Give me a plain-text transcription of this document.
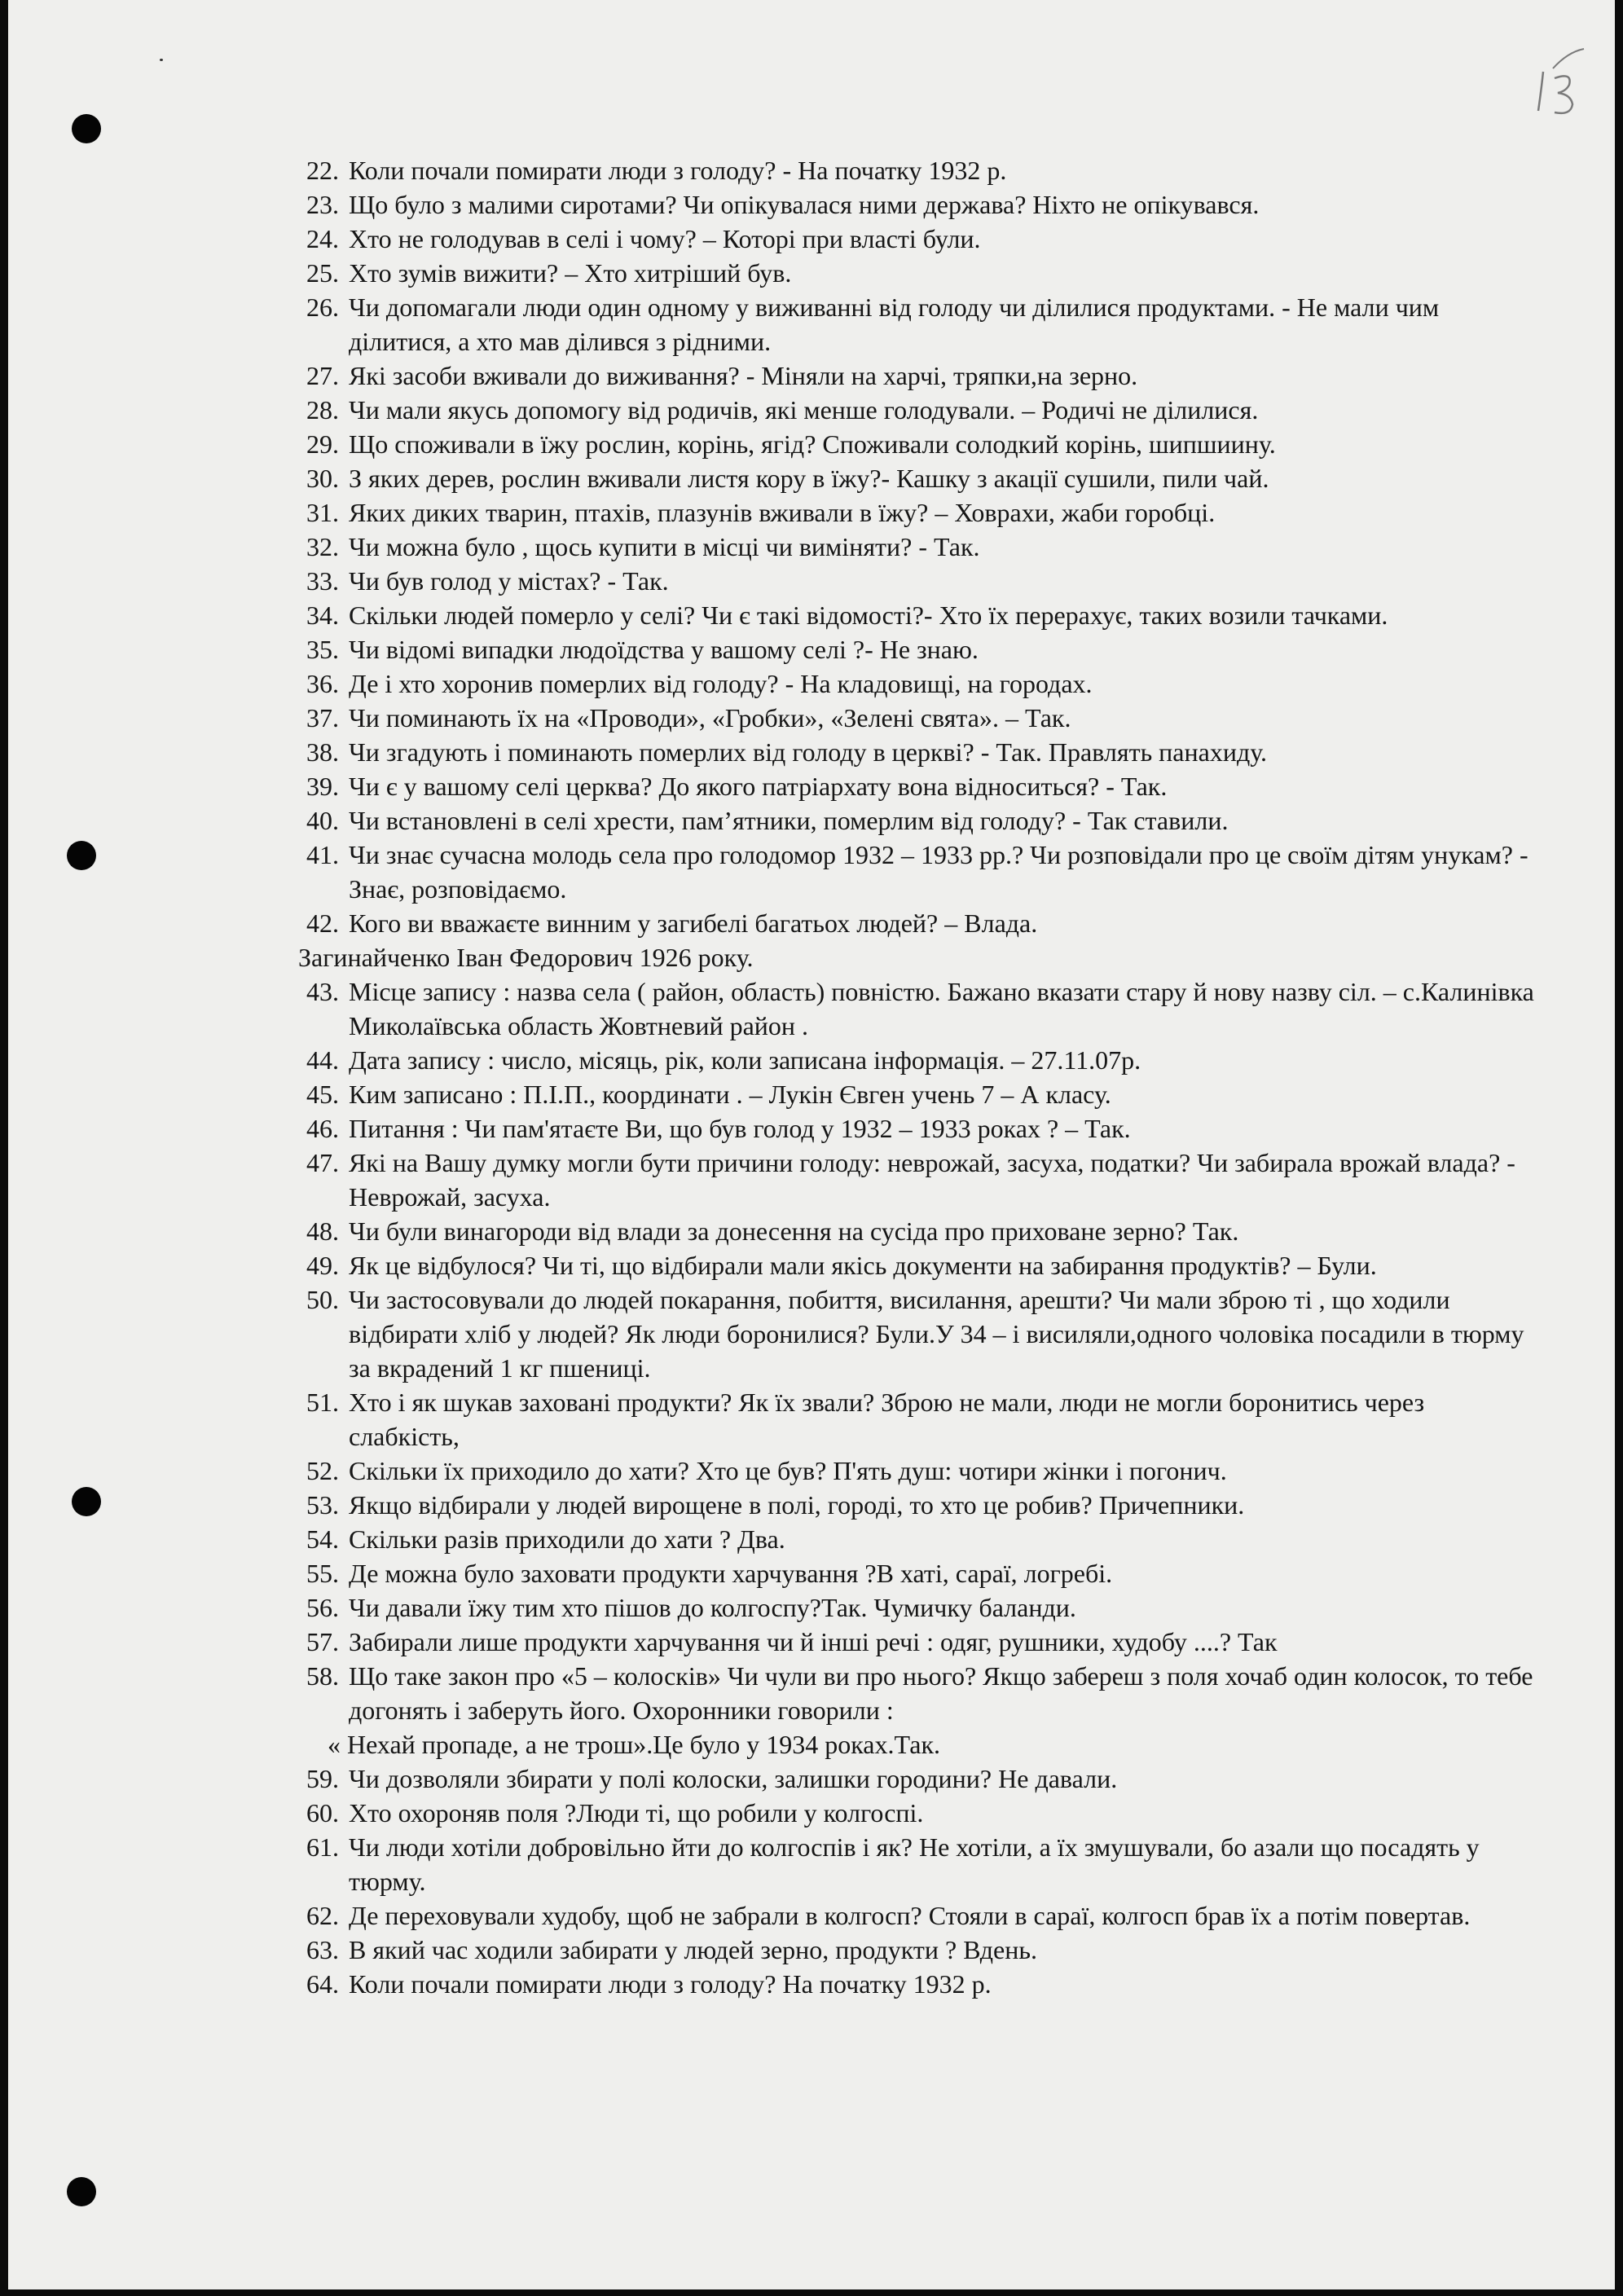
22. Коли почали помирати люди з голоду? - На початку 1932 р.
23. Що було з малими сиротами? Чи опікувалася ними держава? Ніхто не опікувався.
24. Хто не голодував в селі і чому? – Которі при власті були.
25. Хто зумів вижити? – Хто хитріший був.
26. Чи допомагали люди один одному у виживанні від голоду чи ділилися продуктами. - Не мали чим ділитися, а хто мав ділився з рідними.
27. Які засоби вживали до виживання? - Міняли на харчі, тряпки,на зерно.
28. Чи мали якусь допомогу від родичів, які менше голодували. – Родичі не ділилися.
29. Що споживали в їжу рослин, корінь, ягід? Споживали солодкий корінь, шипшиину.
30. З яких дерев, рослин вживали листя кору в їжу?- Кашку з акації сушили, пили чай.
31. Яких диких тварин, птахів, плазунів вживали в їжу? – Ховрахи, жаби горобці.
32. Чи можна було , щось купити в місці чи виміняти? - Так.
33. Чи був голод у містах? - Так.
34. Скільки людей померло у селі? Чи є такі відомості?- Хто їх перерахує, таких возили тачками.
35. Чи відомі випадки людоїдства у вашому селі ?- Не знаю.
36. Де і хто хоронив померлих від голоду? - На кладовищі, на городах.
37. Чи поминають їх на «Проводи», «Гробки», «Зелені свята». – Так.
38. Чи згадують і поминають померлих від голоду в церкві? - Так. Правлять панахиду.
39. Чи є у вашому селі церква? До якого патріархату вона відноситься? - Так.
40. Чи встановлені в селі хрести, пам’ятники, померлим від голоду? - Так ставили.
41. Чи знає сучасна молодь села про голодомор 1932 – 1933 рр.? Чи розповідали про це своїм дітям унукам? - Знає, розповідаємо.
42. Кого ви вважаєте винним у загибелі багатьох людей? – Влада.
Загинайченко Іван Федорович 1926 року.
43. Місце запису : назва села ( район, область) повністю. Бажано вказати стару й нову назву сіл. – с.Калинівка Миколаївська область Жовтневий район .
44. Дата запису : число, місяць, рік, коли записана інформація. – 27.11.07р.
45. Ким записано : П.І.П., координати . – Лукін Євген учень 7 – А класу.
46. Питання : Чи пам'ятаєте Ви, що був голод у 1932 – 1933 роках ? – Так.
47. Які на Вашу думку могли бути причини голоду: неврожай, засуха, податки? Чи забирала врожай влада? - Неврожай, засуха.
48. Чи були винагороди від влади за донесення на сусіда про приховане зерно? Так.
49. Як це відбулося? Чи ті, що відбирали мали якісь документи на забирання продуктів? – Були.
50. Чи застосовували до людей покарання, побиття, висилання, арешти? Чи мали зброю ті , що ходили відбирати хліб у людей? Як люди боронилися? Були.У 34 – і висиляли,одного чоловіка посадили в тюрму за вкрадений 1 кг пшениці.
51. Хто і як шукав заховані продукти? Як їх звали? Зброю не мали, люди не могли боронитись через слабкість,
52. Скільки їх приходило до хати? Хто це був? П'ять душ: чотири жінки і погонич.
53. Якщо відбирали у людей вирощене в полі, городі, то хто це робив? Причепники.
54. Скільки разів приходили до хати ? Два.
55. Де можна було заховати продукти харчування ?В хаті, сараї, логребі.
56. Чи давали їжу тим хто пішов до колгоспу?Так. Чумичку баланди.
57. Забирали лише продукти харчування чи й інші речі : одяг, рушники, худобу ....? Так
58. Що таке закон про «5 – колосків» Чи чули ви про нього? Якщо забереш з поля хочаб один колосок, то тебе догонять і заберуть його. Охоронники говорили :
« Нехай пропаде, а не трош».Це було у 1934 роках.Так.
59. Чи дозволяли збирати у полі колоски, залишки городини? Не давали.
60. Хто охороняв поля ?Люди ті, що робили у колгоспі.
61. Чи люди хотіли добровільно йти до колгоспів і як? Не хотіли, а їх змушували, бо азали що посадять у тюрму.
62. Де переховували худобу, щоб не забрали в колгосп? Стояли в сараї, колгосп брав їх а потім повертав.
63. В який час ходили забирати у людей зерно, продукти ? Вдень.
64. Коли почали помирати люди з голоду? На початку 1932 р.
